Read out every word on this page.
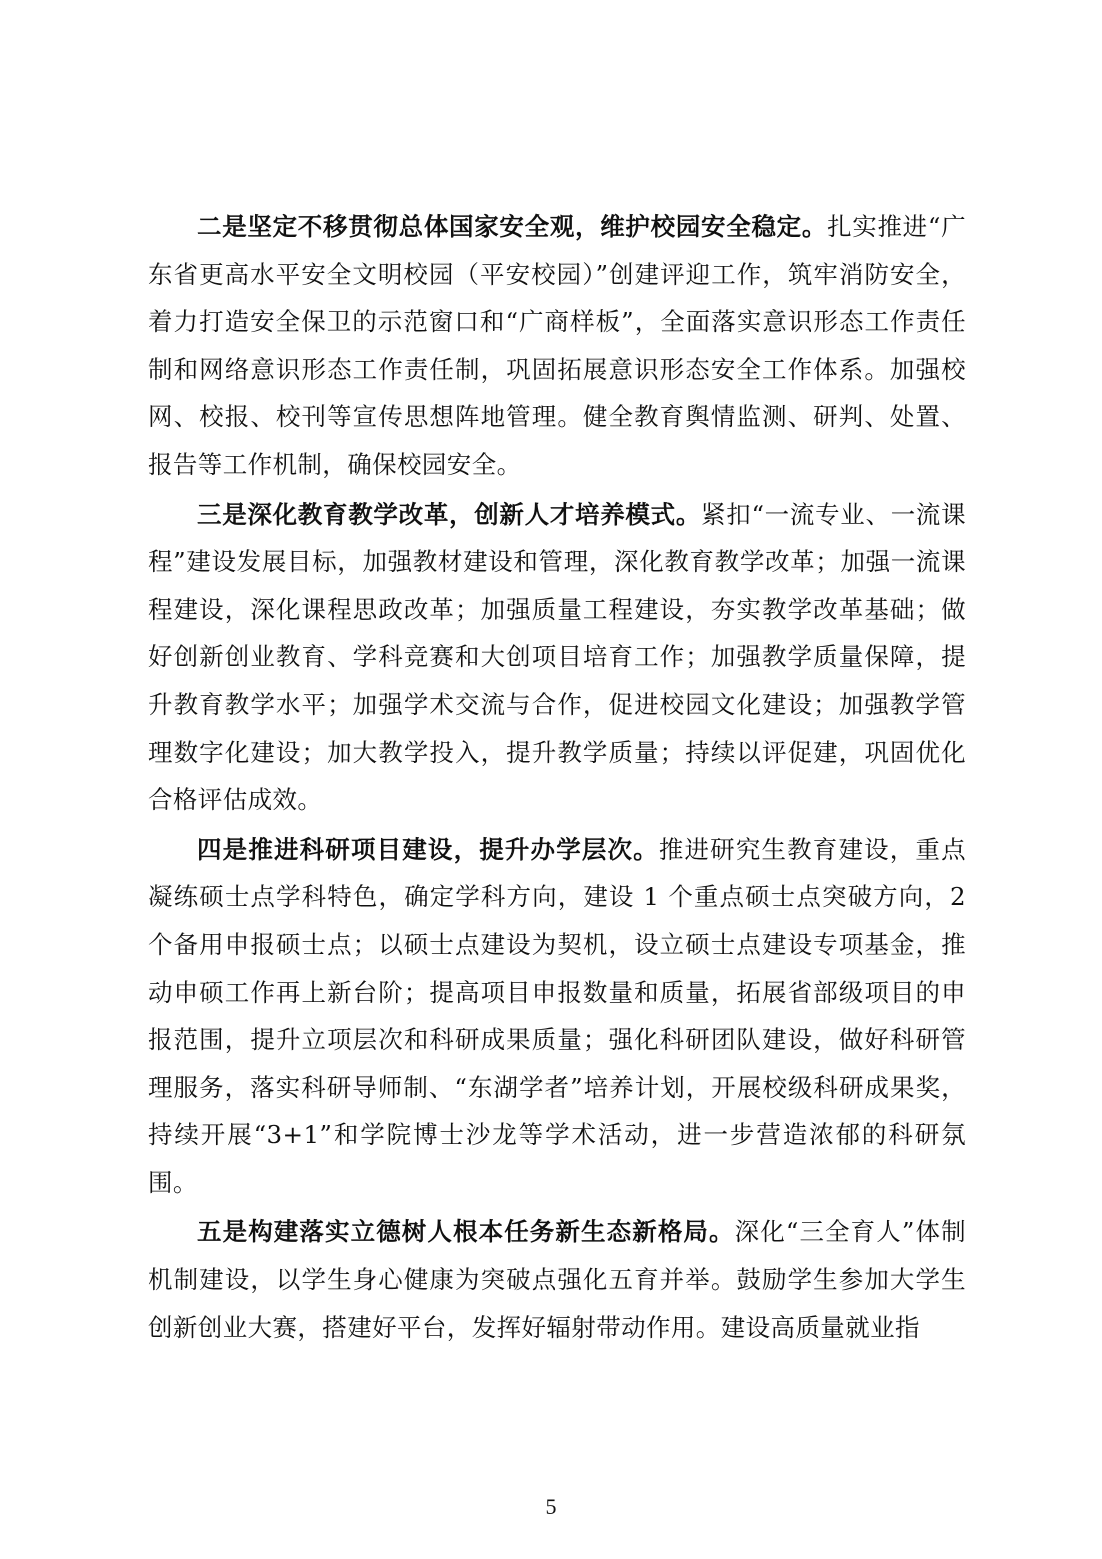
二是坚定不移贯彻总体国家安全观，维护校园安全稳定。扎实推进“广东省更高水平安全文明校园（平安校园）”创建评迎工作，筑牢消防安全，着力打造安全保卫的示范窗口和“广商样板”，全面落实意识形态工作责任制和网络意识形态工作责任制，巩固拓展意识形态安全工作体系。加强校网、校报、校刊等宣传思想阵地管理。健全教育舆情监测、研判、处置、报告等工作机制，确保校园安全。

三是深化教育教学改革，创新人才培养模式。紧扣“一流专业、一流课程”建设发展目标，加强教材建设和管理，深化教育教学改革；加强一流课程建设，深化课程思政改革；加强质量工程建设，夯实教学改革基础；做好创新创业教育、学科竞赛和大创项目培育工作；加强教学质量保障，提升教育教学水平；加强学术交流与合作，促进校园文化建设；加强教学管理数字化建设；加大教学投入，提升教学质量；持续以评促建，巩固优化合格评估成效。

四是推进科研项目建设，提升办学层次。推进研究生教育建设，重点凝练硕士点学科特色，确定学科方向，建设 1 个重点硕士点突破方向，2 个备用申报硕士点；以硕士点建设为契机，设立硕士点建设专项基金，推动申硕工作再上新台阶；提高项目申报数量和质量，拓展省部级项目的申报范围，提升立项层次和科研成果质量；强化科研团队建设，做好科研管理服务，落实科研导师制、“东湖学者”培养计划，开展校级科研成果奖，持续开展“3+1”和学院博士沙龙等学术活动，进一步营造浓郁的科研氛围。

五是构建落实立德树人根本任务新生态新格局。深化“三全育人”体制机制建设，以学生身心健康为突破点强化五育并举。鼓励学生参加大学生创新创业大赛，搭建好平台，发挥好辐射带动作用。建设高质量就业指

5
